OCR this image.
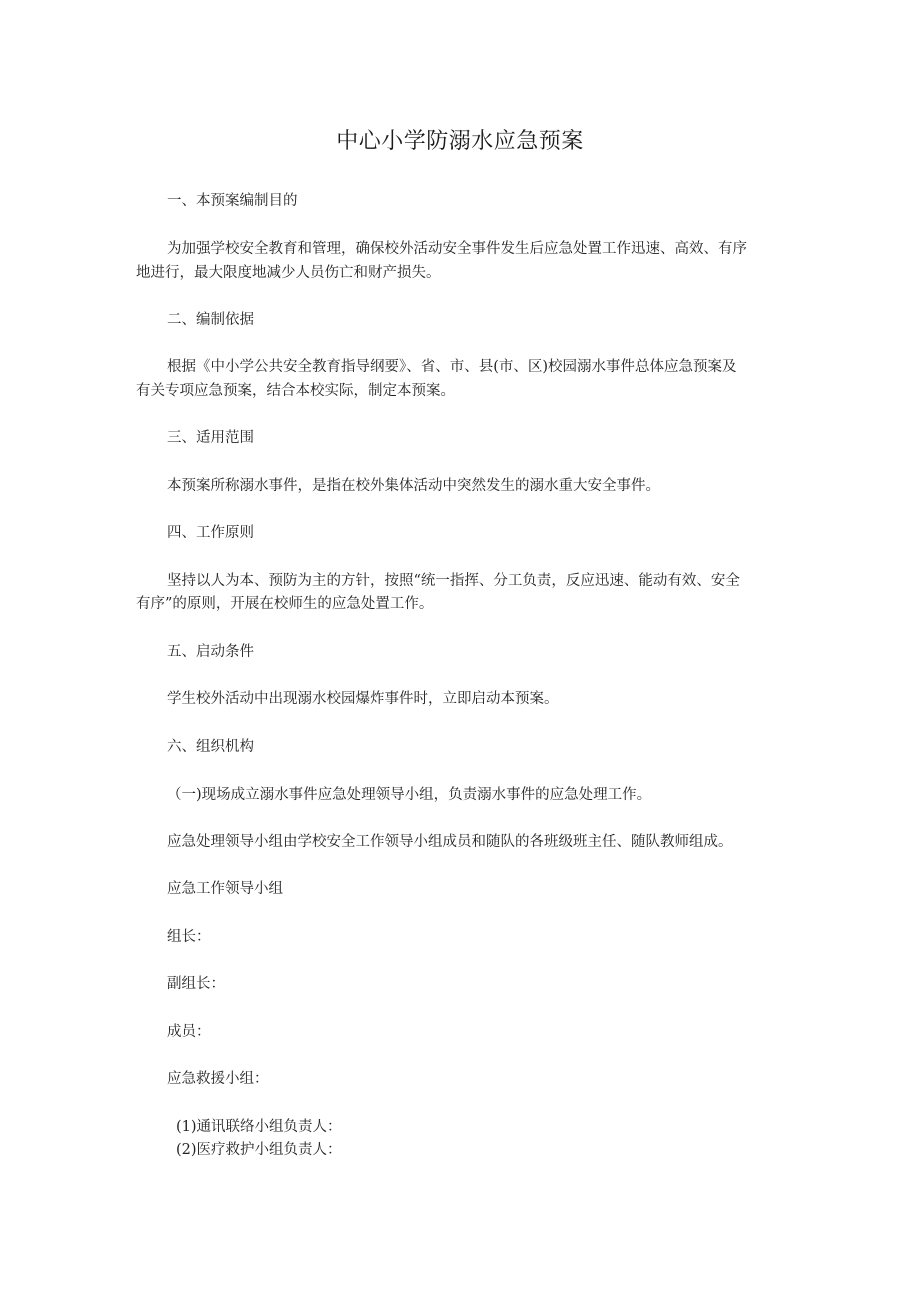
中心小学防溺水应急预案
一、本预案编制目的
为加强学校安全教育和管理，确保校外活动安全事件发生后应急处置工作迅速、高效、有序
地进行，最大限度地减少人员伤亡和财产损失。
二、编制依据
根据《中小学公共安全教育指导纲要》、省、市、县(市、区)校园溺水事件总体应急预案及
有关专项应急预案，结合本校实际，制定本预案。
三、适用范围
本预案所称溺水事件，是指在校外集体活动中突然发生的溺水重大安全事件。
四、工作原则
坚持以人为本、预防为主的方针，按照“统一指挥、分工负责，反应迅速、能动有效、安全
有序”的原则，开展在校师生的应急处置工作。
五、启动条件
学生校外活动中出现溺水校园爆炸事件时，立即启动本预案。
六、组织机构
（一)现场成立溺水事件应急处理领导小组，负责溺水事件的应急处理工作。
应急处理领导小组由学校安全工作领导小组成员和随队的各班级班主任、随队教师组成。
应急工作领导小组
组长：
副组长：
成员：
应急救援小组：
(1)通讯联络小组负责人：
(2)医疗救护小组负责人：
